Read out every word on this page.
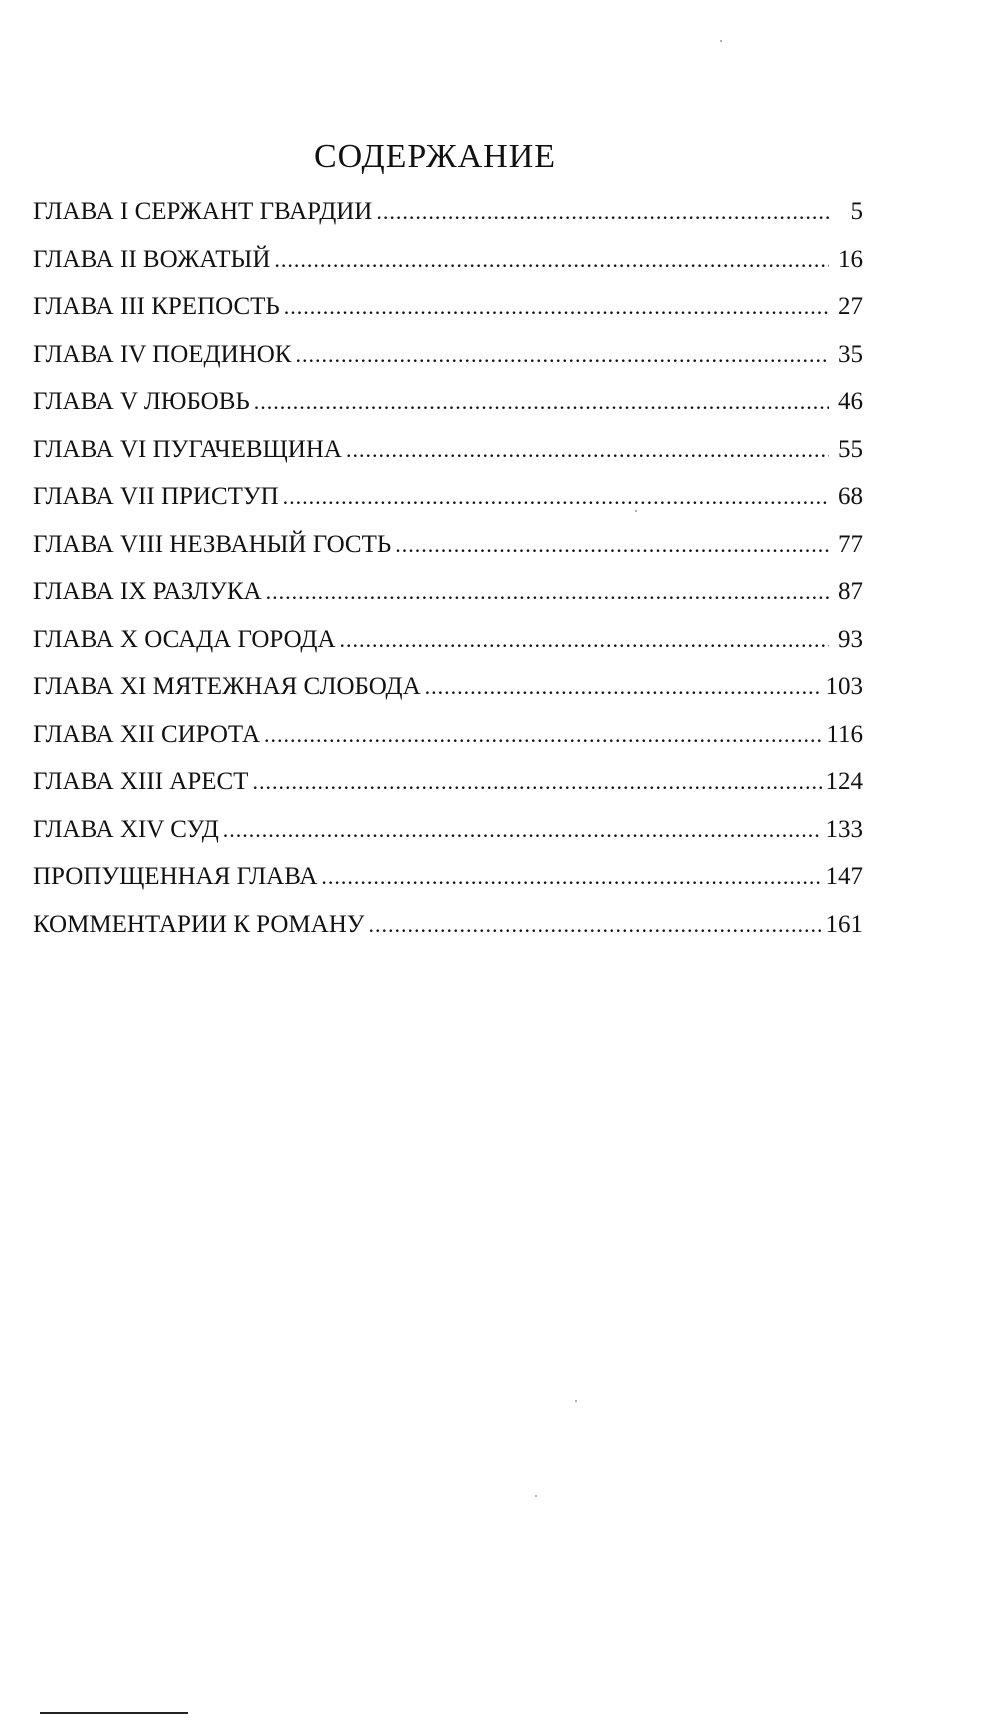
СОДЕРЖАНИЕ
ГЛАВА I СЕРЖАНТ ГВАРДИИ .....	5
ГЛАВА II ВОЖАТЫЙ .....	16
ГЛАВА III КРЕПОСТЬ .....	27
ГЛАВА IV ПОЕДИНОК .....	35
ГЛАВА V ЛЮБОВЬ .....	46
ГЛАВА VI ПУГАЧЕВЩИНА .....	55
ГЛАВА VII ПРИСТУП .....	68
ГЛАВА VIII НЕЗВАНЫЙ ГОСТЬ .....	77
ГЛАВА IX РАЗЛУКА .....	87
ГЛАВА X ОСАДА ГОРОДА .....	93
ГЛАВА XI МЯТЕЖНАЯ СЛОБОДА .....	103
ГЛАВА XII СИРОТА .....	116
ГЛАВА XIII АРЕСТ .....	124
ГЛАВА XIV СУД .....	133
ПРОПУЩЕННАЯ ГЛАВА .....	147
КОММЕНТАРИИ К РОМАНУ .....	161
